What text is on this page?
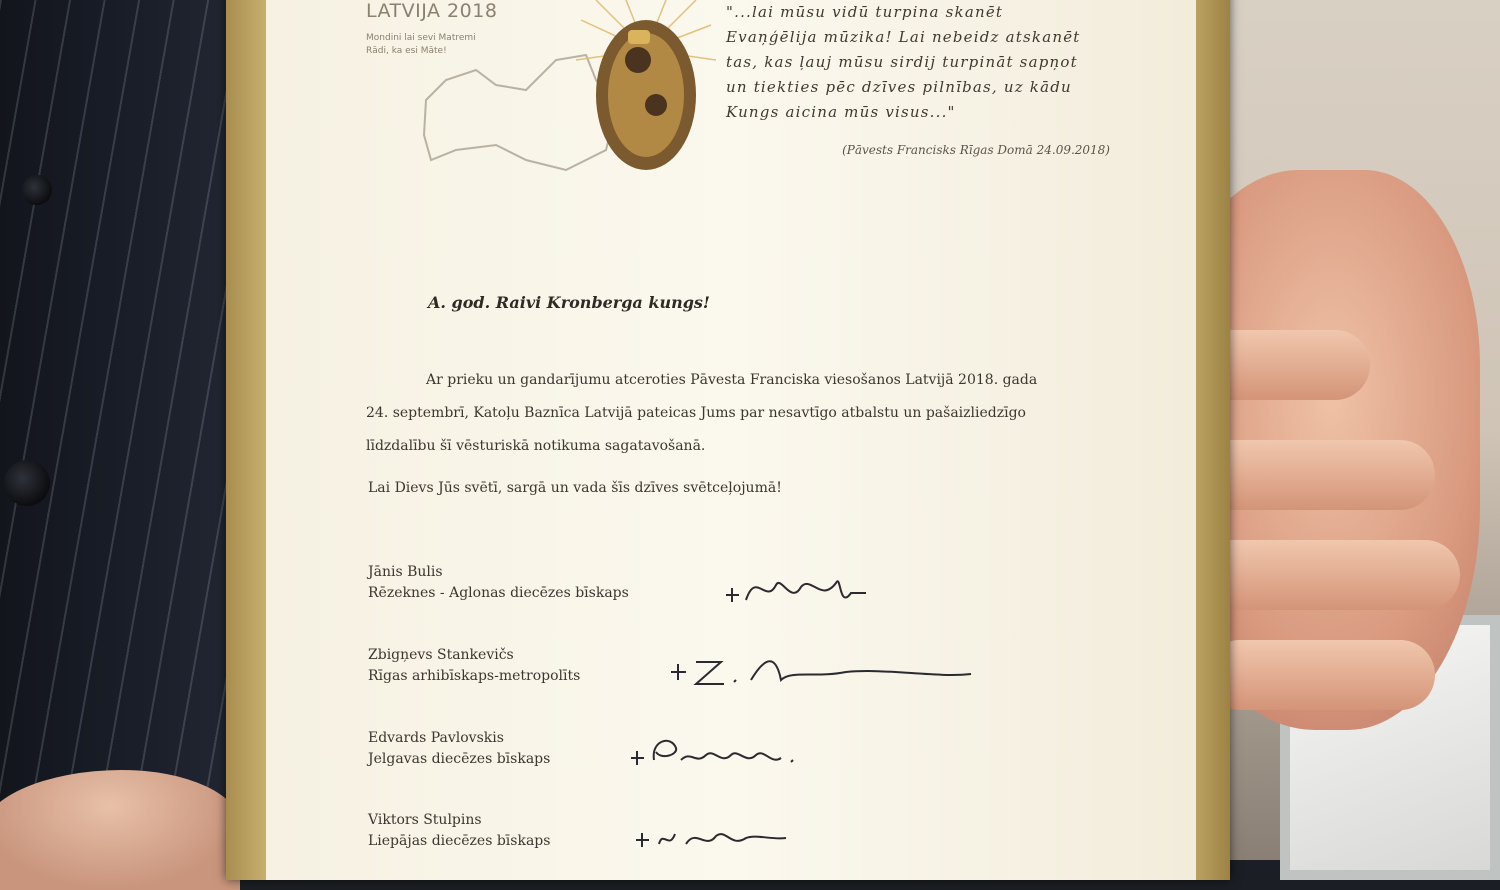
LATVIJA 2018
Mondini lai sevi Matremi
Rādi, ka esi Māte!
"...lai mūsu vidū turpina skanēt
Evaņģēlija mūzika! Lai nebeidz atskanēt
tas, kas ļauj mūsu sirdij turpināt sapņot
un tiekties pēc dzīves pilnības, uz kādu
Kungs aicina mūs visus..."
(Pāvests Francisks Rīgas Domā 24.09.2018)
A. god. Raivi Kronberga kungs!
Ar prieku un gandarījumu atceroties Pāvesta Franciska viesošanos Latvijā 2018. gada
24. septembrī, Katoļu Baznīca Latvijā pateicas Jums par nesavtīgo atbalstu un pašaizliedzīgo
līdzdalību šī vēsturiskā notikuma sagatavošanā.
Lai Dievs Jūs svētī, sargā un vada šīs dzīves svētceļojumā!
Jānis Bulis
Rēzeknes - Aglonas diecēzes bīskaps
Zbigņevs Stankevičs
Rīgas arhibīskaps-metropolīts
Edvards Pavlovskis
Jelgavas diecēzes bīskaps
Viktors Stulpins
Liepājas diecēzes bīskaps
